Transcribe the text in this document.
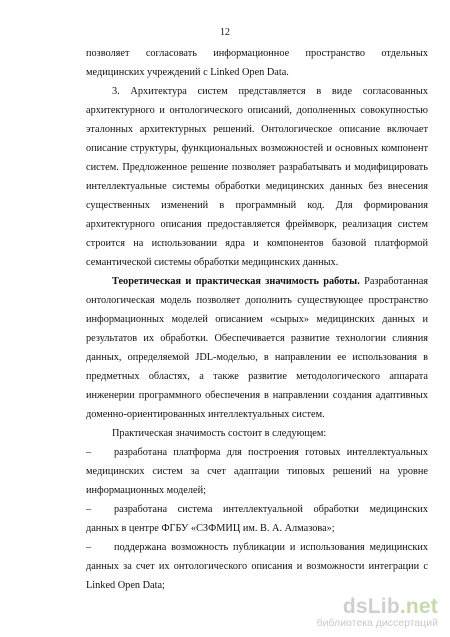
12

позволяет согласовать информационное пространство отдельных медицинских учреждений с Linked Open Data.

3. Архитектура систем представляется в виде согласованных архитектурного и онтологического описаний, дополненных совокупностью эталонных архитектурных решений. Онтологическое описание включает описание структуры, функциональных возможностей и основных компонент систем. Предложенное решение позволяет разрабатывать и модифицировать интеллектуальные системы обработки медицинских данных без внесения существенных изменений в программный код. Для формирования архитектурного описания предоставляется фреймворк, реализация систем строится на использовании ядра и компонентов базовой платформой семантической системы обработки медицинских данных.

Теоретическая и практическая значимость работы. Разработанная онтологическая модель позволяет дополнить существующее пространство информационных моделей описанием «сырых» медицинских данных и результатов их обработки. Обеспечивается развитие технологии слияния данных, определяемой JDL-моделью, в направлении ее использования в предметных областях, а также развитие методологического аппарата инженерии программного обеспечения в направлении создания адаптивных доменно-ориентированных интеллектуальных систем.

Практическая значимость состоит в следующем:

– разработана платформа для построения готовых интеллектуальных медицинских систем за счет адаптации типовых решений на уровне информационных моделей;

– разработана система интеллектуальной обработки медицинских данных в центре ФГБУ «СЗФМИЦ им. В. А. Алмазова»;

– поддержана возможность публикации и использования медицинских данных за счет их онтологического описания и возможности интеграции с Linked Open Data;

dsLib.net
библиотека диссертаций
